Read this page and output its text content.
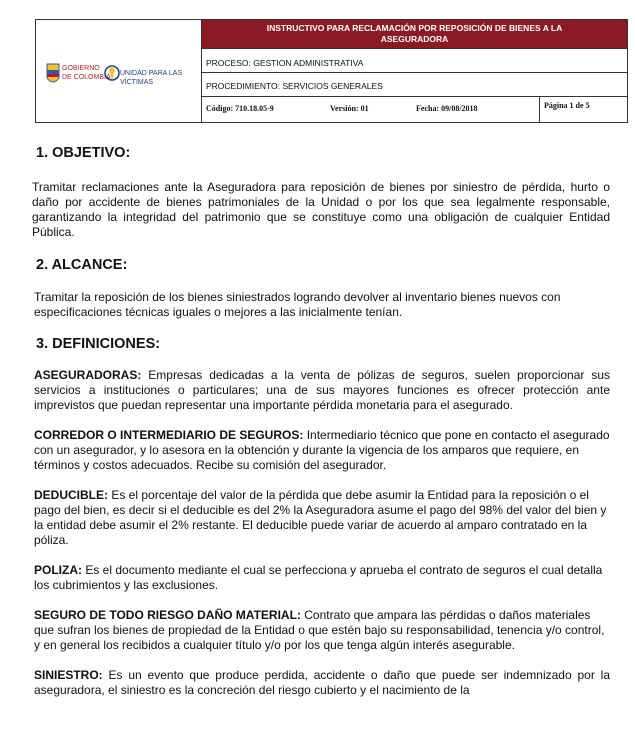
GOBIERNO
DE COLOMBIA
UNIDAD PARA LAS VÍCTIMAS
INSTRUCTIVO PARA RECLAMACIÓN POR REPOSICIÓN DE BIENES A LA
ASEGURADORA
PROCESO: GESTION ADMINISTRATIVA
PROCEDIMIENTO: SERVICIOS GENERALES
Código: 710.18.05-9	Versión: 01	Fecha: 09/08/2018	Página 1 de 5

1. OBJETIVO:

Tramitar reclamaciones ante la Aseguradora para reposición de bienes por siniestro de pérdida, hurto o daño por accidente de bienes patrimoniales de la Unidad o por los que sea legalmente responsable, garantizando la integridad del patrimonio que se constituye como una obligación de cualquier Entidad Pública.

2. ALCANCE:

Tramitar la reposición de los bienes siniestrados logrando devolver al inventario bienes nuevos con especificaciones técnicas iguales o mejores a las inicialmente tenían.

3. DEFINICIONES:

ASEGURADORAS: Empresas dedicadas a la venta de pólizas de seguros, suelen proporcionar sus servicios a instituciones o particulares; una de sus mayores funciones es ofrecer protección ante imprevistos que puedan representar una importante pérdida monetaria para el asegurado.

CORREDOR O INTERMEDIARIO DE SEGUROS: Intermediario técnico que pone en contacto el asegurado con un asegurador, y lo asesora en la obtención y durante la vigencia de los amparos que requiere, en términos y costos adecuados. Recibe su comisión del asegurador.

DEDUCIBLE: Es el porcentaje del valor de la pérdida que debe asumir la Entidad para la reposición o el pago del bien, es decir si el deducible es del 2% la Aseguradora asume el pago del 98% del valor del bien y la entidad debe asumir el 2% restante. El deducible puede variar de acuerdo al amparo contratado en la póliza.

POLIZA: Es el documento mediante el cual se perfecciona y aprueba el contrato de seguros el cual detalla los cubrimientos y las exclusiones.

SEGURO DE TODO RIESGO DAÑO MATERIAL: Contrato que ampara las pérdidas o daños materiales que sufran los bienes de propiedad de la Entidad o que estén bajo su responsabilidad, tenencia y/o control, y en general los recibidos a cualquier título y/o por los que tenga algún interés asegurable.

SINIESTRO: Es un evento que produce perdida, accidente o daño que puede ser indemnizado por la aseguradora, el siniestro es la concreción del riesgo cubierto y el nacimiento de la
